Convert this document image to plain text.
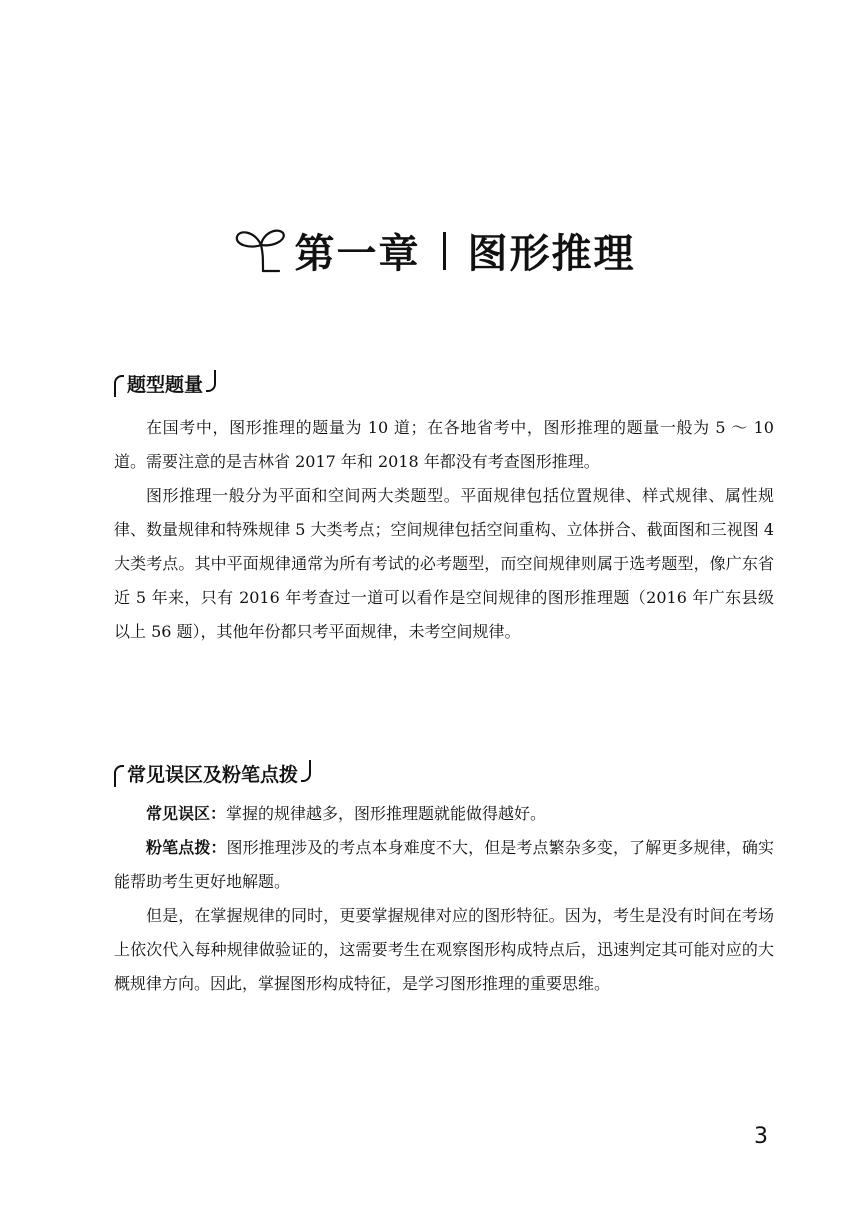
第一章 图形推理
题型题量

在国考中，图形推理的题量为 10 道；在各地省考中，图形推理的题量一般为 5 ～ 10 道。需要注意的是吉林省 2017 年和 2018 年都没有考查图形推理。

图形推理一般分为平面和空间两大类题型。平面规律包括位置规律、样式规律、属性规律、数量规律和特殊规律 5 大类考点；空间规律包括空间重构、立体拼合、截面图和三视图 4 大类考点。其中平面规律通常为所有考试的必考题型，而空间规律则属于选考题型，像广东省近 5 年来，只有 2016 年考查过一道可以看作是空间规律的图形推理题（2016 年广东县级以上 56 题），其他年份都只考平面规律，未考空间规律。

常见误区及粉笔点拨

常见误区：掌握的规律越多，图形推理题就能做得越好。

粉笔点拨：图形推理涉及的考点本身难度不大，但是考点繁杂多变，了解更多规律，确实能帮助考生更好地解题。

但是，在掌握规律的同时，更要掌握规律对应的图形特征。因为，考生是没有时间在考场上依次代入每种规律做验证的，这需要考生在观察图形构成特点后，迅速判定其可能对应的大概规律方向。因此，掌握图形构成特征，是学习图形推理的重要思维。

3
